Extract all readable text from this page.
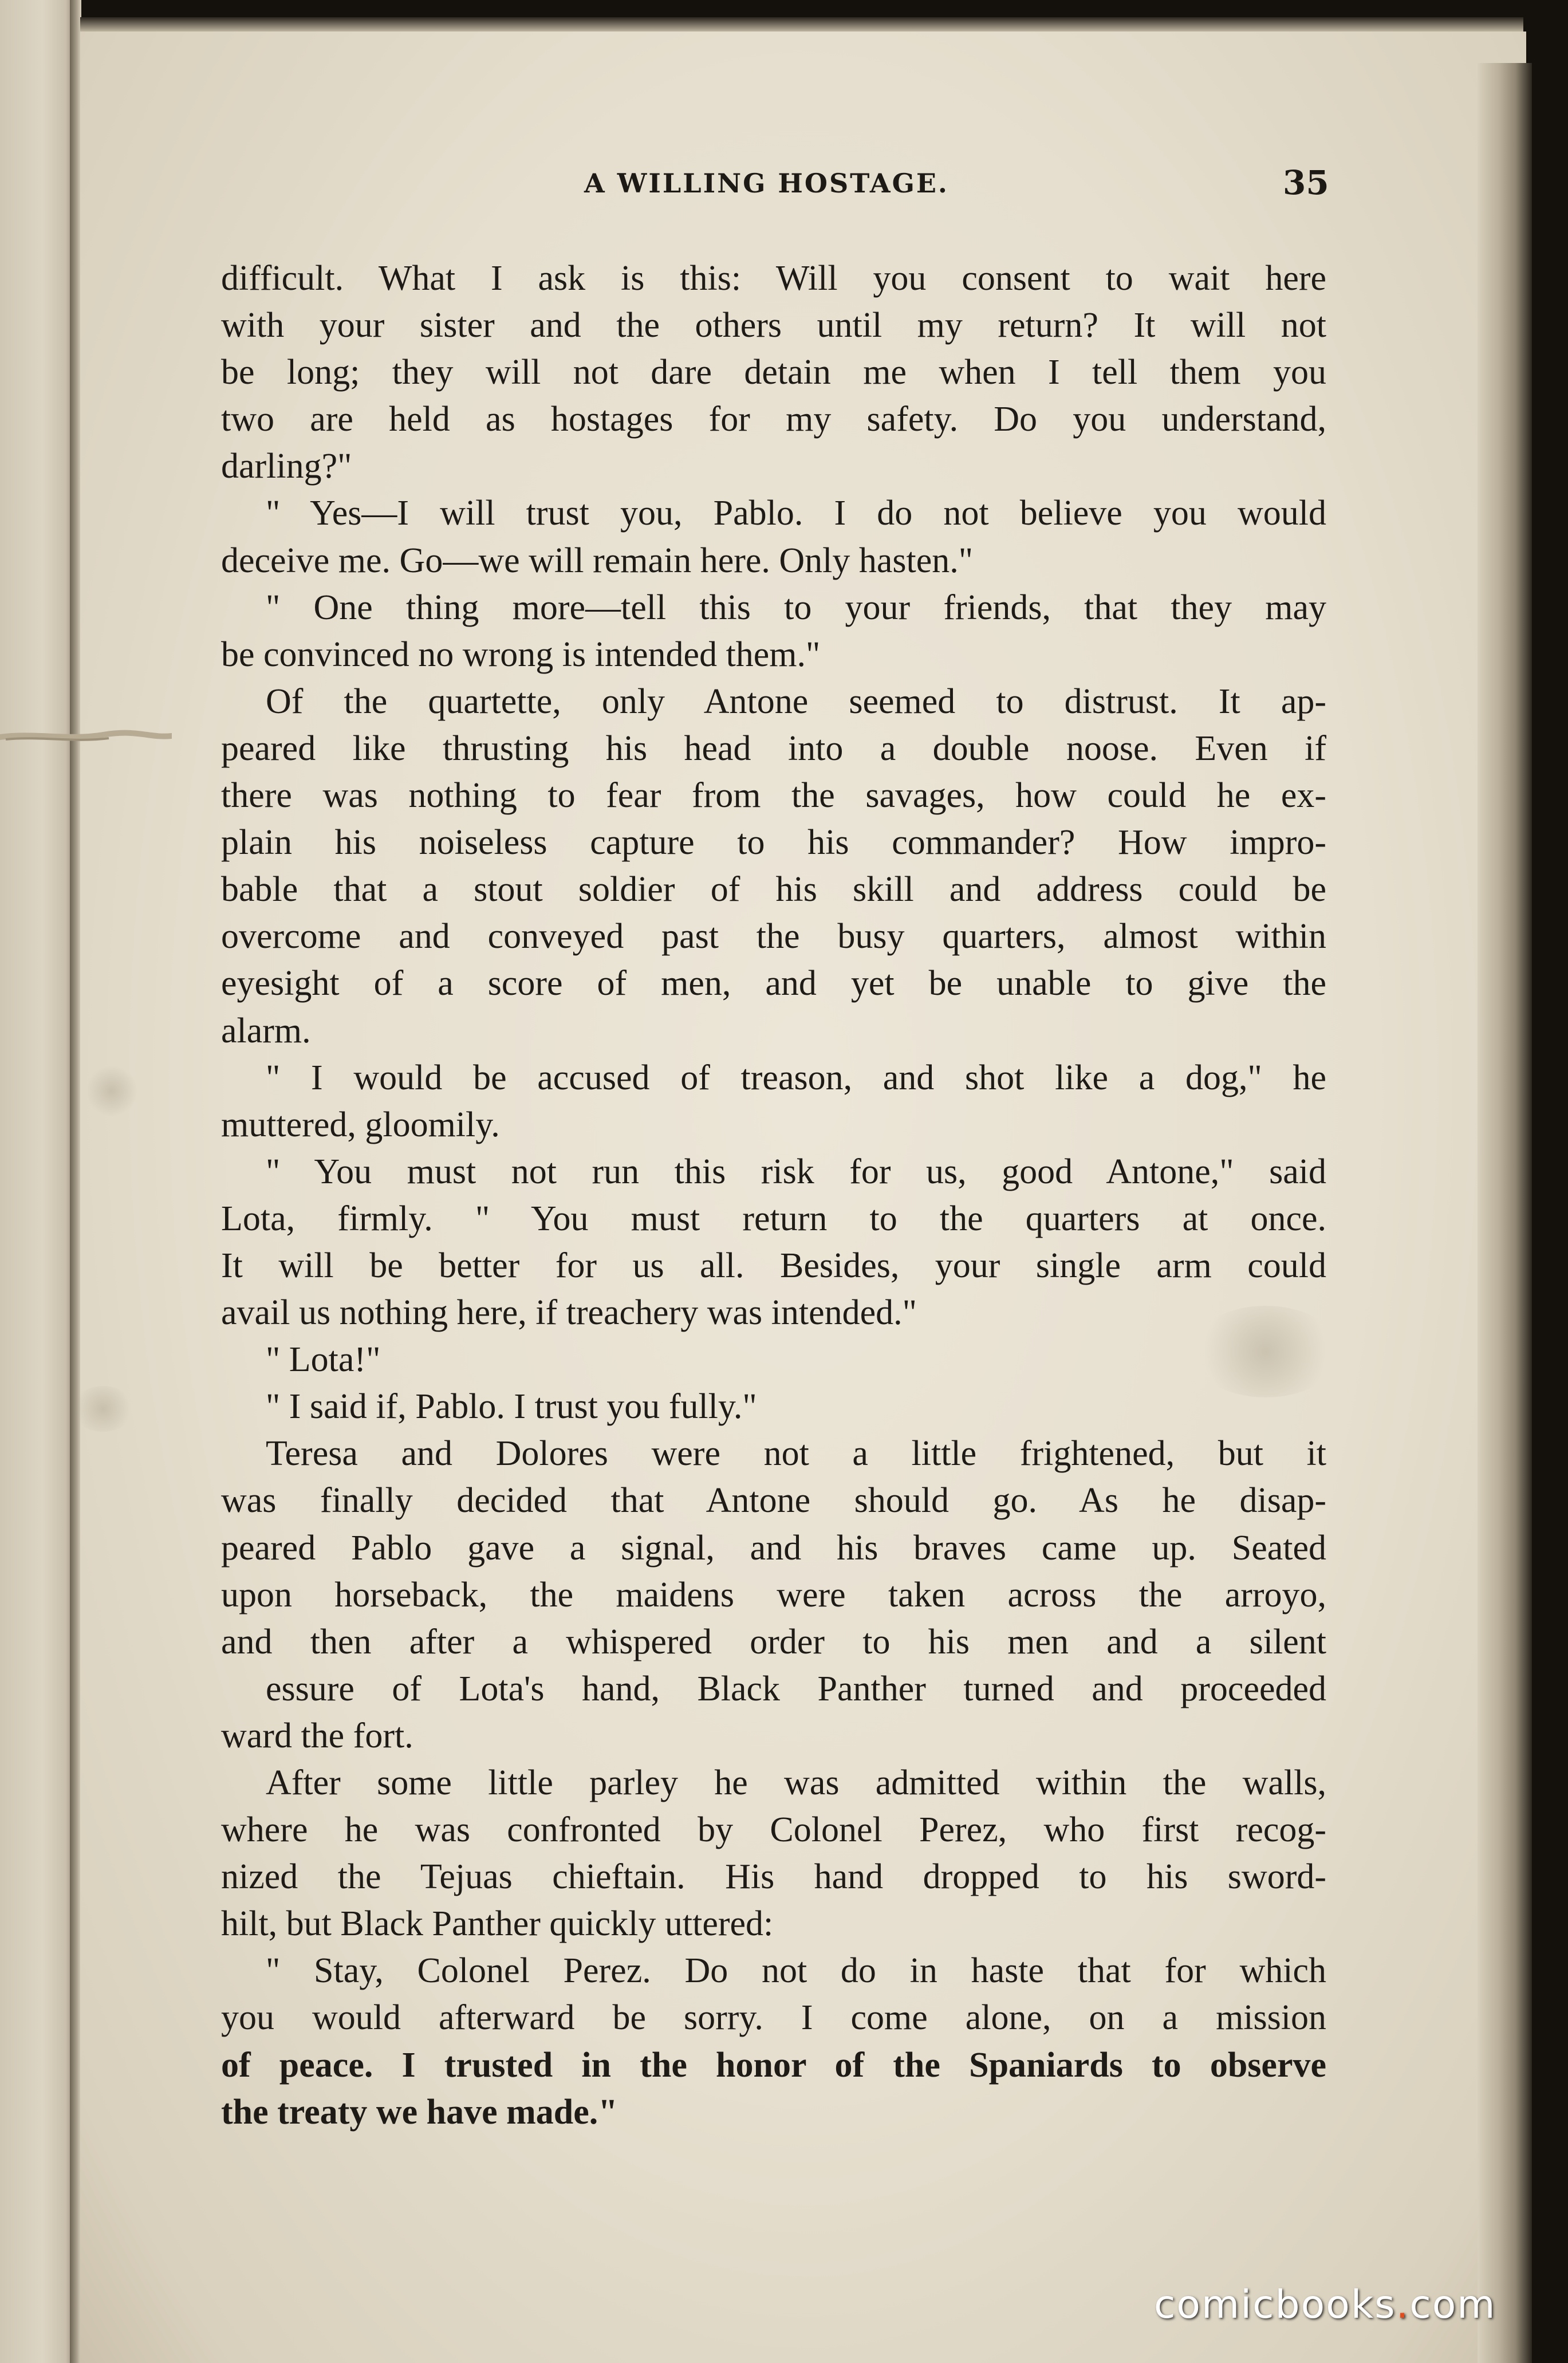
A WILLING HOSTAGE.	35
difficult. What I ask is this: Will you consent to wait here
with your sister and the others until my return? It will not
be long; they will not dare detain me when I tell them you
two are held as hostages for my safety. Do you understand,
darling?"
" Yes—I will trust you, Pablo. I do not believe you would
deceive me. Go—we will remain here. Only hasten."
" One thing more—tell this to your friends, that they may
be convinced no wrong is intended them."
Of the quartette, only Antone seemed to distrust. It ap-
peared like thrusting his head into a double noose. Even if
there was nothing to fear from the savages, how could he ex-
plain his noiseless capture to his commander? How impro-
bable that a stout soldier of his skill and address could be
overcome and conveyed past the busy quarters, almost within
eyesight of a score of men, and yet be unable to give the
alarm.
" I would be accused of treason, and shot like a dog," he
muttered, gloomily.
" You must not run this risk for us, good Antone," said
Lota, firmly. " You must return to the quarters at once.
It will be better for us all. Besides, your single arm could
avail us nothing here, if treachery was intended."
" Lota!"
" I said if, Pablo. I trust you fully."
Teresa and Dolores were not a little frightened, but it
was finally decided that Antone should go. As he disap-
peared Pablo gave a signal, and his braves came up. Seated
upon horseback, the maidens were taken across the arroyo,
and then after a whispered order to his men and a silent
essure of Lota's hand, Black Panther turned and proceeded
ward the fort.
After some little parley he was admitted within the walls,
where he was confronted by Colonel Perez, who first recog-
nized the Tejuas chieftain. His hand dropped to his sword-
hilt, but Black Panther quickly uttered:
" Stay, Colonel Perez. Do not do in haste that for which
you would afterward be sorry. I come alone, on a mission
of peace. I trusted in the honor of the Spaniards to observe
the treaty we have made."
comicbooks.com
